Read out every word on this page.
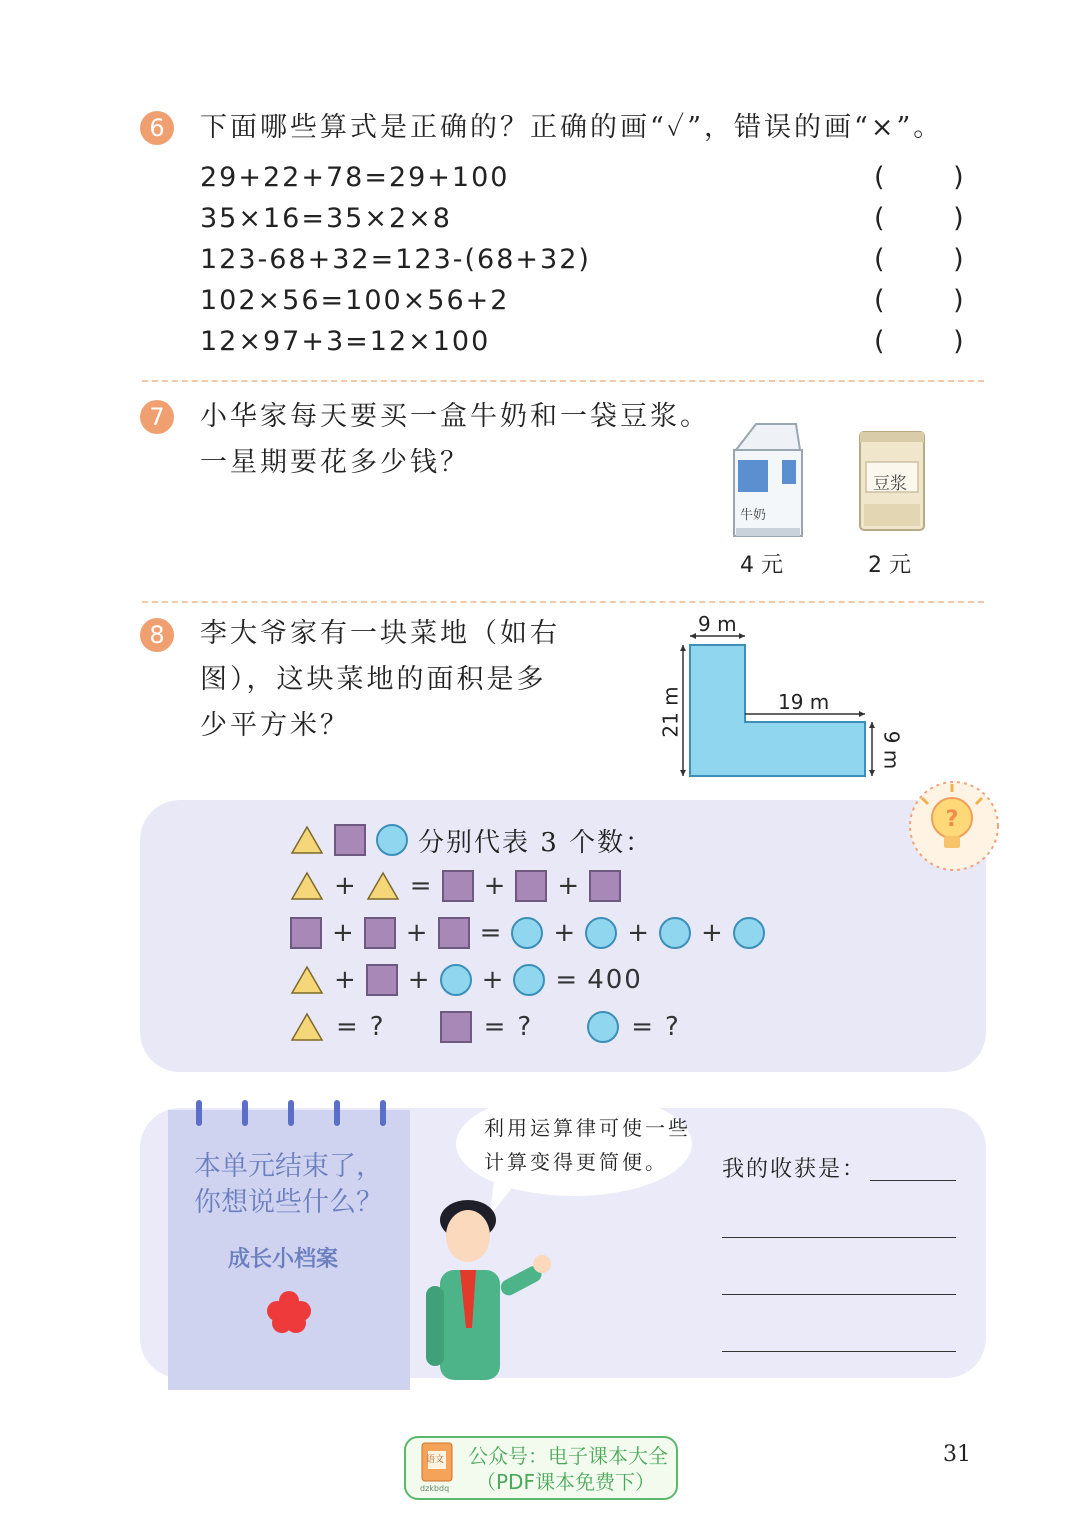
6	下面哪些算式是正确的？正确的画“✓”，错误的画“×”。
29+22+78=29+100	( )
35×16=35×2×8	( )
123-68+32=123-(68+32)	( )
102×56=100×56+2	( )
12×97+3=12×100	( )
7	小华家每天要买一盒牛奶和一袋豆浆。
一星期要花多少钱？
牛奶
4 元
豆浆
2 元
8	李大爷家有一块菜地（如右
图），这块菜地的面积是多
少平方米？
9 m
21 m	19 m
9 m
?
分别代表 3 个数：
+ = + +
+ + = + + +
+ + + = 400
= ?	= ?	= ?
本单元结束了，
你想说些什么？
成长小档案
利用运算律可使一些
计算变得更简便。 我的收获是：
语文
dzkbdq
公众号：电子课本大全
（PDF课本免费下）
31
